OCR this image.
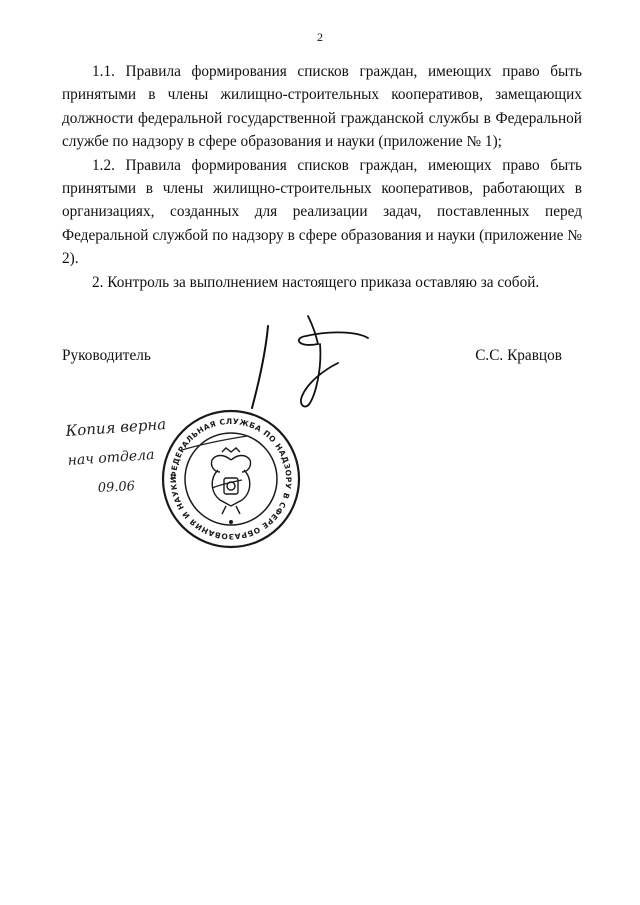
2

1.1. Правила формирования списков граждан, имеющих право быть принятыми в члены жилищно-строительных кооперативов, замещающих должности федеральной государственной гражданской службы в Федеральной службе по надзору в сфере образования и науки (приложение № 1);

1.2. Правила формирования списков граждан, имеющих право быть принятыми в члены жилищно-строительных кооперативов, работающих в организациях, созданных для реализации задач, поставленных перед Федеральной службой по надзору в сфере образования и науки (приложение № 2).

2. Контроль за выполнением настоящего приказа оставляю за собой.

Руководитель	С.С. Кравцов
Копия верна
нач отдела
09.06
ФЕДЕРАЛЬНАЯ СЛУЖБА ПО НАДЗОРУ В СФЕРЕ ОБРАЗОВАНИЯ И НАУКИ
